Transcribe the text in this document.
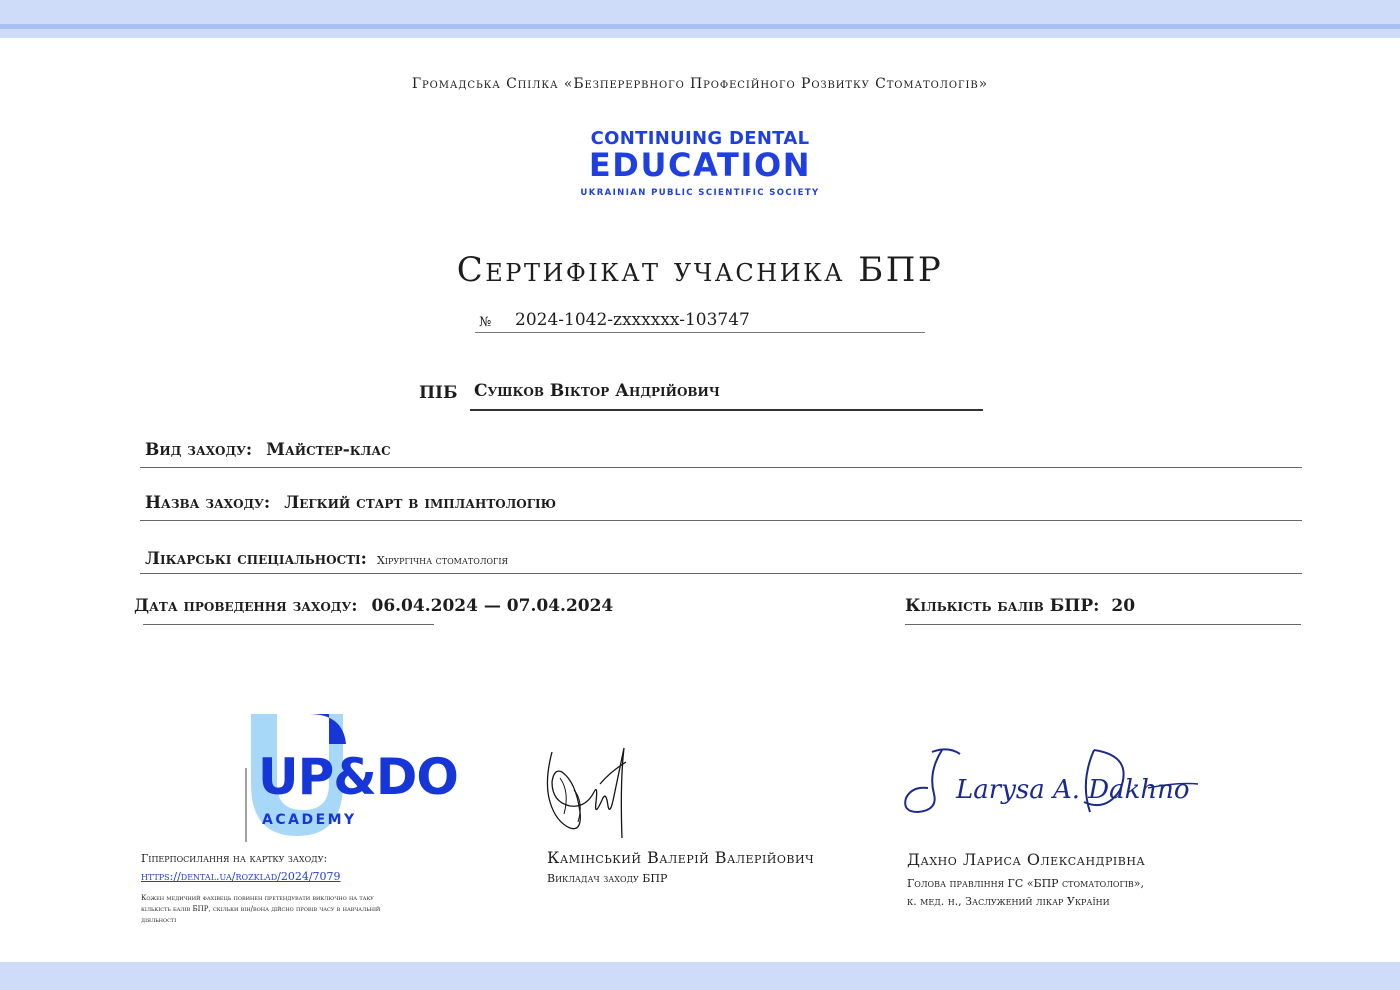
Громадська Спілка «Безперервного Професійного Розвитку Стоматологів»
CONTINUING DENTAL
EDUCATION
UKRAINIAN PUBLIC SCIENTIFIC SOCIETY
Сертифікат учасника БПР
№ 2024-1042-zxxxxxx-103747
ПІБ Сушков Віктор Андрійович
Вид заходу: Майстер-клас
Назва заходу: Легкий старт в імплантологію
Лікарські спеціальності: Хірургічна стоматологія
Дата проведення заходу: 06.04.2024 — 07.04.2024	Кількість балів БПР: 20
UP&DO
ACADEMY
Гіперпосилання на картку заходу:
https://dental.ua/rozklad/2024/7079
Кожен медичний фахівець повинен претендувати виключно на таку кількість балів БПР, скільки він/вона дійсно провів часу в навчальній діяльності
Камінський Валерій Валерійович
Викладач заходу БПР
Larysa A. Dakhno
Дахно Лариса Олександрівна
Голова правління ГС «БПР стоматологів»,
к. мед. н., Заслужений лікар України
